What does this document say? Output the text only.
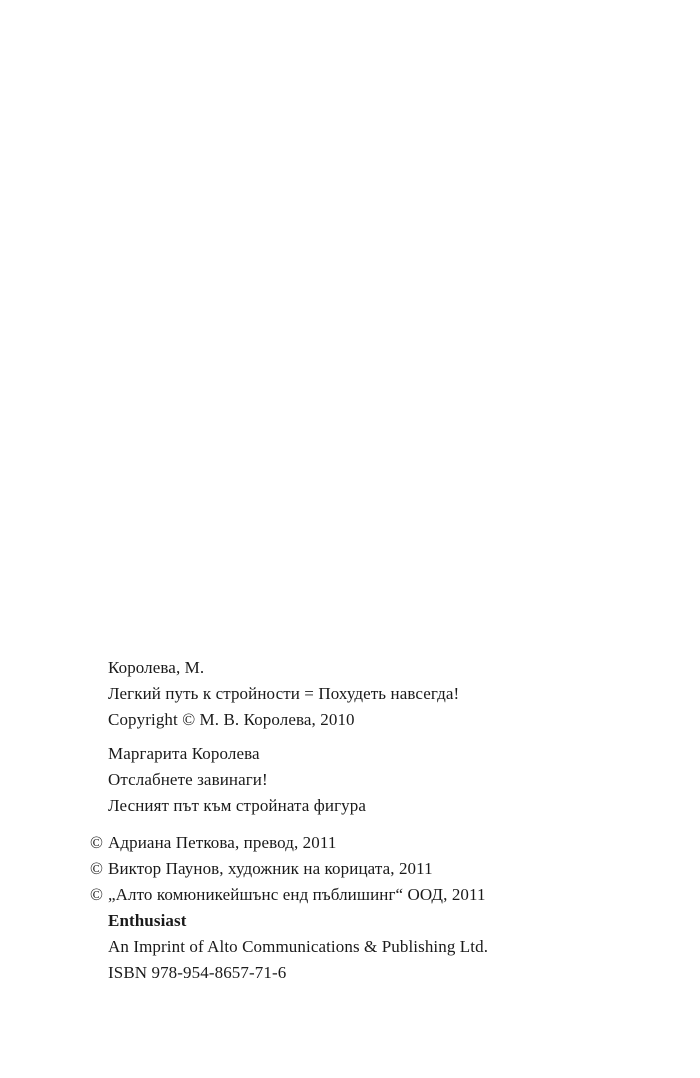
Королева, М.
Легкий путь к стройности = Похудеть навсегда!
Copyright © М. В. Королева, 2010
Маргарита Королева
Отслабнете завинаги!
Лесният път към стройната фигура
© Адриана Петкова, превод, 2011
© Виктор Паунов, художник на корицата, 2011
© „Алто комюникейшънс енд пъблишинг“ ООД, 2011
Enthusiast
An Imprint of Alto Communications & Publishing Ltd.
ISBN 978-954-8657-71-6
